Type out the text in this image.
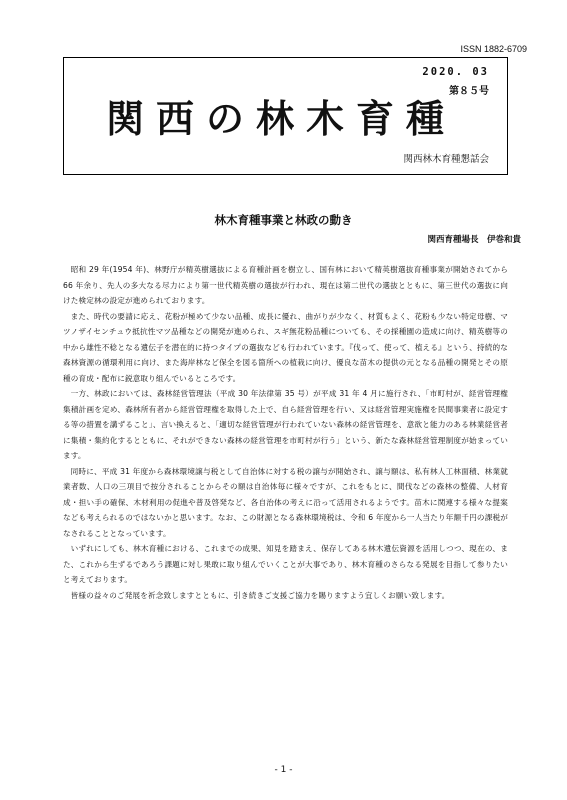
ISSN 1882-6709
2020. 03
第８５号
関西の林木育種
関西林木育種懇話会
林木育種事業と林政の動き
関西育種場長　伊巻和貴

昭和 29 年(1954 年)、林野庁が精英樹選抜による育種計画を樹立し、国有林において精英樹選抜育種事業が開始されてから 66 年余り、先人の多大なる尽力により第一世代精英樹の選抜が行われ、現在は第二世代の選抜とともに、第三世代の選抜に向けた検定林の設定が進められております。

また、時代の要請に応え、花粉が極めて少ない品種、成長に優れ、曲がりが少なく、材質もよく、花粉も少ない特定母樹、マツノザイセンチュウ抵抗性マツ品種などの開発が進められ、スギ無花粉品種についても、その採種園の造成に向け、精英樹等の中から雄性不稔となる遺伝子を潜在的に持つタイプの選抜なども行われています。『伐って、使って、植える』という、持続的な森林資源の循環利用に向け、また海岸林など保全を図る箇所への植栽に向け、優良な苗木の提供の元となる品種の開発とその原種の育成・配布に鋭意取り組んでいるところです。

一方、林政においては、森林経営管理法（平成 30 年法律第 35 号）が平成 31 年 4 月に施行され、「市町村が、経営管理権集積計画を定め、森林所有者から経営管理権を取得した上で、自ら経営管理を行い、又は経営管理実施権を民間事業者に設定する等の措置を講ずること」、言い換えると、「適切な経営管理が行われていない森林の経営管理を、意欲と能力のある林業経営者に集積・集約化するとともに、それができない森林の経営管理を市町村が行う」という、新たな森林経営管理制度が始まっています。

同時に、平成 31 年度から森林環境譲与税として自治体に対する税の譲与が開始され、譲与額は、私有林人工林面積、林業就業者数、人口の三項目で按分されることからその額は自治体毎に様々ですが、これをもとに、間伐などの森林の整備、人材育成・担い手の確保、木材利用の促進や普及啓発など、各自治体の考えに沿って活用されるようです。苗木に関連する様々な提案なども考えられるのではないかと思います。なお、この財源となる森林環境税は、令和 6 年度から一人当たり年額千円の課税がなされることとなっています。

いずれにしても、林木育種における、これまでの成果、知見を踏まえ、保存してある林木遺伝資源を活用しつつ、現在の、また、これから生ずるであろう課題に対し果敢に取り組んでいくことが大事であり、林木育種のさらなる発展を目指して参りたいと考えております。

皆様の益々のご発展を祈念致しますとともに、引き続きご支援ご協力を賜りますよう宜しくお願い致します。

- 1 -
